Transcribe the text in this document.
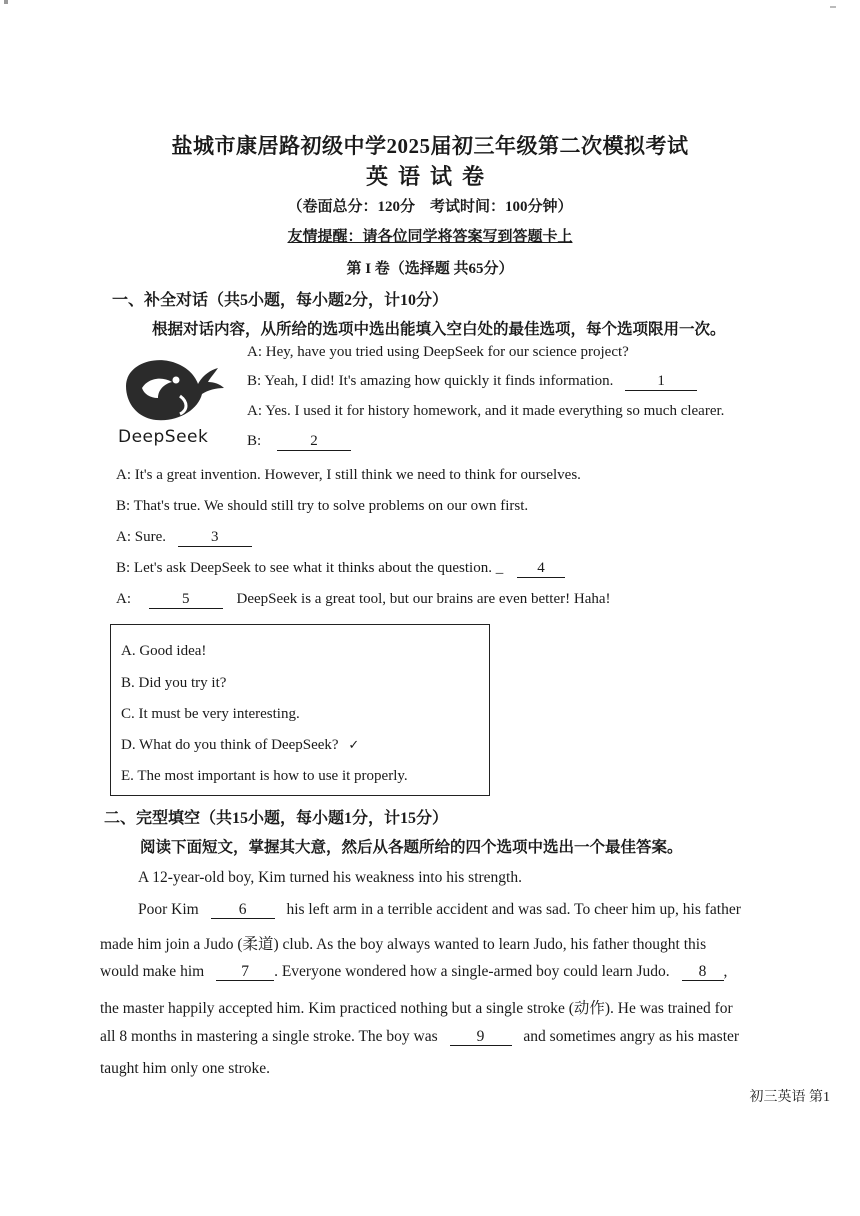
盐城市康居路初级中学2025届初三年级第二次模拟考试
英语试卷
（卷面总分：120分　考试时间：100分钟）
友情提醒：请各位同学将答案写到答题卡上
第 I 卷（选择题 共65分）
一、补全对话（共5小题，每小题2分，计10分）
根据对话内容，从所给的选项中选出能填入空白处的最佳选项，每个选项限用一次。
DeepSeek
A: Hey, have you tried using DeepSeek for our science project?
B: Yeah, I did! It's amazing how quickly it finds information.	1
A: Yes. I used it for history homework, and it made everything so much clearer.
B:	2
A: It's a great invention. However, I still think we need to think for ourselves.
B: That's true. We should still try to solve problems on our own first.
A: Sure.	3
B: Let's ask DeepSeek to see what it thinks about the question. _ 4
A:	5	DeepSeek is a great tool, but our brains are even better! Haha!
A. Good idea!
B. Did you try it?
C. It must be very interesting.
D. What do you think of DeepSeek? ✓
E. The most important is how to use it properly.
二、完型填空（共15小题，每小题1分，计15分）
阅读下面短文，掌握其大意，然后从各题所给的四个选项中选出一个最佳答案。
A 12-year-old boy, Kim turned his weakness into his strength.
Poor Kim	6	his left arm in a terrible accident and was sad. To cheer him up, his father
made him join a Judo (柔道) club. As the boy always wanted to learn Judo, his father thought this
would make him 7 . Everyone wondered how a single-armed boy could learn Judo. 8 ,
the master happily accepted him. Kim practiced nothing but a single stroke (动作). He was trained for
all 8 months in mastering a single stroke. The boy was	9	and sometimes angry as his master
taught him only one stroke.
初三英语 第1
